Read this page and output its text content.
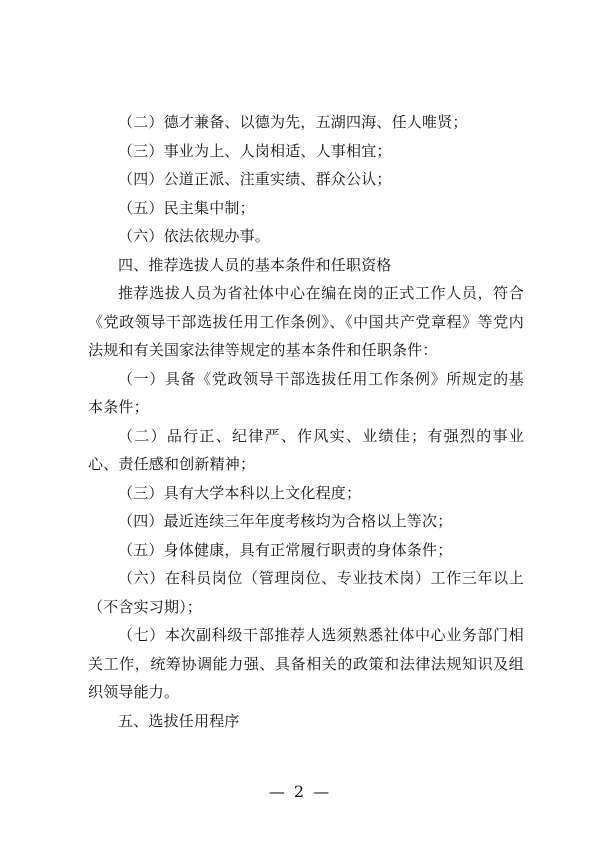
（二）德才兼备、以德为先，五湖四海、任人唯贤；

（三）事业为上、人岗相适、人事相宜；

（四）公道正派、注重实绩、群众公认；

（五）民主集中制；

（六）依法依规办事。

四、推荐选拔人员的基本条件和任职资格

推荐选拔人员为省社体中心在编在岗的正式工作人员，符合《党政领导干部选拔任用工作条例》、《中国共产党章程》等党内法规和有关国家法律等规定的基本条件和任职条件：

（一）具备《党政领导干部选拔任用工作条例》所规定的基本条件；

（二）品行正、纪律严、作风实、业绩佳；有强烈的事业心、责任感和创新精神；

（三）具有大学本科以上文化程度；

（四）最近连续三年年度考核均为合格以上等次；

（五）身体健康，具有正常履行职责的身体条件；

（六）在科员岗位（管理岗位、专业技术岗）工作三年以上（不含实习期）；

（七）本次副科级干部推荐人选须熟悉社体中心业务部门相关工作，统筹协调能力强、具备相关的政策和法律法规知识及组织领导能力。

五、选拔任用程序

— 2 —
